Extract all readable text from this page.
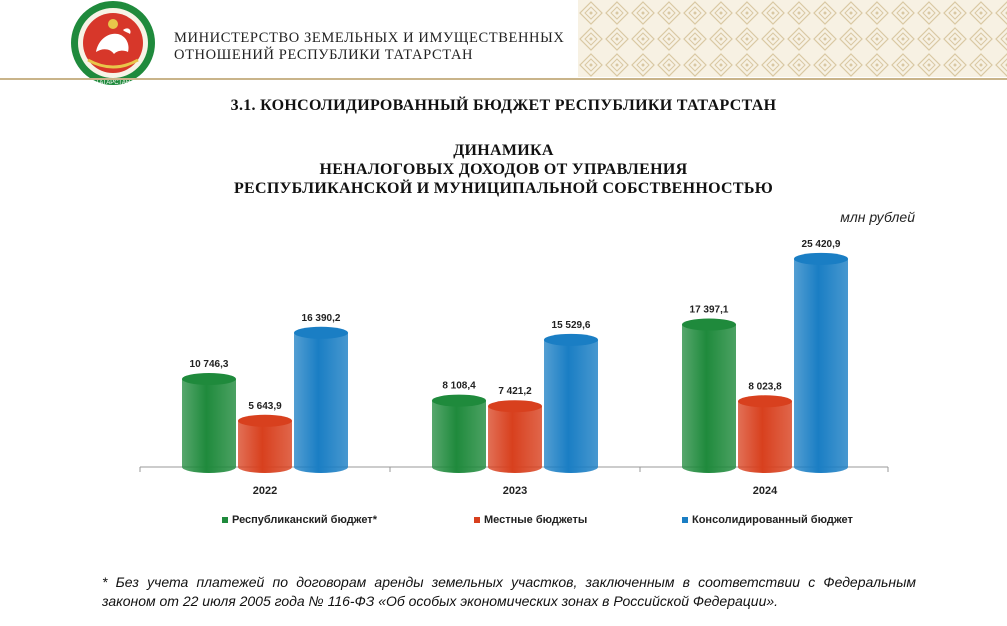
ТАТАРСТАН
МИНИСТЕРСТВО ЗЕМЕЛЬНЫХ И ИМУЩЕСТВЕННЫХ
ОТНОШЕНИЙ РЕСПУБЛИКИ ТАТАРСТАН
3.1. КОНСОЛИДИРОВАННЫЙ БЮДЖЕТ РЕСПУБЛИКИ ТАТАРСТАН
ДИНАМИКА
НЕНАЛОГОВЫХ ДОХОДОВ ОТ УПРАВЛЕНИЯ
РЕСПУБЛИКАНСКОЙ И МУНИЦИПАЛЬНОЙ СОБСТВЕННОСТЬЮ
млн рублей
10 746,3
5 643,9
16 390,2
2022
8 108,4
7 421,2
15 529,6
2023
17 397,1
8 023,8
25 420,9
2024
Республиканский бюджет*	Местные бюджеты	Консолидированный бюджет
* Без учета платежей по договорам аренды земельных участков, заключенным в соответствии с Федеральным
законом от 22 июля 2005 года № 116-ФЗ «Об особых экономических зонах в Российской Федерации».
